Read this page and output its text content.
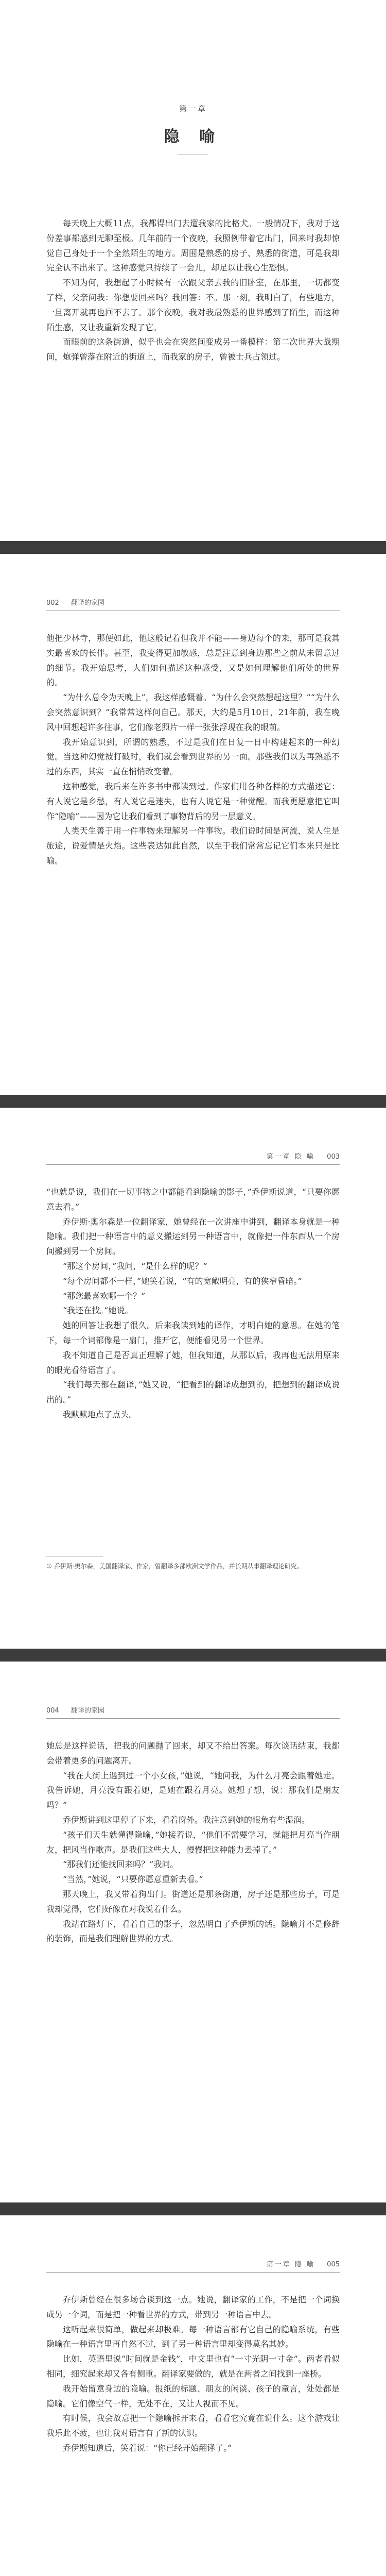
第一章
隐 喻

每天晚上大概11点，我都得出门去遛我家的比格犬。一般情况下，我对于这份差事都感到无聊至极。几年前的一个夜晚，我照例带着它出门，回来时我却惊觉自己身处于一个全然陌生的地方。周围是熟悉的房子、熟悉的街道，可是我却完全认不出来了。这种感觉只持续了一会儿，却足以让我心生恐惧。

不知为何，我想起了小时候有一次跟父亲去我的旧卧室，在那里，一切都变了样，父亲问我：你想要回来吗？我回答：不。那一刻，我明白了，有些地方，一旦离开就再也回不去了。那个夜晚，我对我最熟悉的世界感到了陌生，而这种陌生感，又让我重新发现了它。

而眼前的这条街道，似乎也会在突然间变成另一番模样：第二次世界大战期间，炮弹曾落在附近的街道上，而我家的房子，曾被士兵占领过。

002 翻译的家园

他把少林寺，那便如此，他这般记着但我并不能——身边每个的来，那可是我其实最喜欢的长伴。甚至，我变得更加敏感，总是注意到身边那些之前从未留意过的细节。我开始思考，人们如何描述这种感受，又是如何理解他们所处的世界的。

“为什么总令为天晚上”，我这样感慨着。“为什么会突然想起这里？”“为什么会突然意识到？”我常常这样问自己。那天，大约是5月10日，21年前，我在晚风中回想起许多往事，它们像老照片一样一张张浮现在我的眼前。

我开始意识到，所谓的熟悉，不过是我们在日复一日中构建起来的一种幻觉。当这种幻觉被打破时，我们就会看到世界的另一面。那些我们以为再熟悉不过的东西，其实一直在悄悄改变着。

这种感觉，我后来在许多书中都读到过。作家们用各种各样的方式描述它：有人说它是乡愁，有人说它是迷失，也有人说它是一种觉醒。而我更愿意把它叫作“隐喻”——因为它让我们看到了事物背后的另一层意义。

人类天生善于用一件事物来理解另一件事物。我们说时间是河流，说人生是旅途，说爱情是火焰。这些表达如此自然，以至于我们常常忘记它们本来只是比喻。

第一章 隐 喻 003

“也就是说，我们在一切事物之中都能看到隐喻的影子，”乔伊斯说道，“只要你愿意去看。”

乔伊斯·奥尔森是一位翻译家，她曾经在一次讲座中讲到，翻译本身就是一种隐喻。我们把一种语言中的意义搬运到另一种语言中，就像把一件东西从一个房间搬到另一个房间。

“那这个房间，”我问，“是什么样的呢？”

“每个房间都不一样，”她笑着说，“有的宽敞明亮，有的狭窄昏暗。”

“那您最喜欢哪一个？”

“我还在找。”她说。

她的回答让我想了很久。后来我读到她的译作，才明白她的意思。在她的笔下，每一个词都像是一扇门，推开它，便能看见另一个世界。

我不知道自己是否真正理解了她，但我知道，从那以后，我再也无法用原来的眼光看待语言了。

“我们每天都在翻译，”她又说，“把看到的翻译成想到的，把想到的翻译成说出的。”

我默默地点了点头。

① 乔伊斯·奥尔森，美国翻译家、作家，曾翻译多部欧洲文学作品，并长期从事翻译理论研究。
004 翻译的家园

她总是这样说话，把我的问题抛了回来，却又不给出答案。每次谈话结束，我都会带着更多的问题离开。

“我在大街上遇到过一个小女孩，”她说，“她问我，为什么月亮会跟着她走。我告诉她，月亮没有跟着她，是她在跟着月亮。她想了想，说：那我们是朋友吗？”

乔伊斯讲到这里停了下来，看着窗外。我注意到她的眼角有些湿润。

“孩子们天生就懂得隐喻，”她接着说，“他们不需要学习，就能把月亮当作朋友，把风当作歌声。是我们这些大人，慢慢把这种能力丢掉了。”

“那我们还能找回来吗？”我问。

“当然，”她说，“只要你愿意重新去看。”

那天晚上，我又带着狗出门。街道还是那条街道，房子还是那些房子，可是我却觉得，它们好像在对我说着什么。

我站在路灯下，看着自己的影子，忽然明白了乔伊斯的话。隐喻并不是修辞的装饰，而是我们理解世界的方式。

第一章 隐 喻 005

乔伊斯曾经在很多场合谈到这一点。她说，翻译家的工作，不是把一个词换成另一个词，而是把一种看世界的方式，带到另一种语言中去。

这听起来很简单，做起来却极难。每一种语言都有它自己的隐喻系统，有些隐喻在一种语言里再自然不过，到了另一种语言里却变得莫名其妙。

比如，英语里说“时间就是金钱”，中文里也有“一寸光阴一寸金”。两者看似相同，细究起来却又各有侧重。翻译家要做的，就是在两者之间找到一座桥。

我开始留意身边的隐喻。报纸的标题、朋友的闲谈、孩子的童言，处处都是隐喻。它们像空气一样，无处不在，又让人视而不见。

有时候，我会故意把一个隐喻拆开来看，看看它究竟在说什么。这个游戏让我乐此不疲，也让我对语言有了新的认识。

乔伊斯知道后，笑着说：“你已经开始翻译了。”
